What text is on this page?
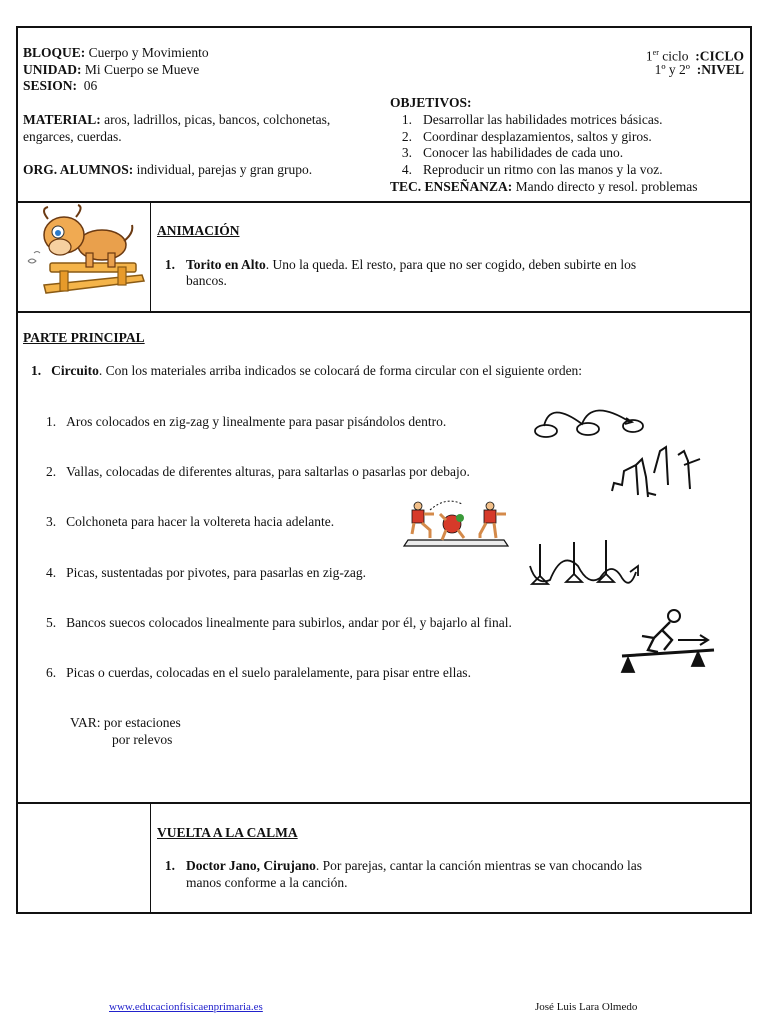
BLOQUE: Cuerpo y Movimiento
UNIDAD: Mi Cuerpo se Mueve
SESION: 06
MATERIAL: aros, ladrillos, picas, bancos, colchonetas,
engarces, cuerdas.
ORG. ALUMNOS: individual, parejas y gran grupo.
1er ciclo :CICLO
1º y 2º :NIVEL
OBJETIVOS:
1. Desarrollar las habilidades motrices básicas.
2. Coordinar desplazamientos, saltos y giros.
3. Conocer las habilidades de cada uno.
4. Reproducir un ritmo con las manos y la voz.
TEC. ENSEÑANZA: Mando directo y resol. problemas
ANIMACIÓN
1. Torito en Alto. Uno la queda. El resto, para que no ser cogido, deben subirte en los
bancos.
PARTE PRINCIPAL
1. Circuito. Con los materiales arriba indicados se colocará de forma circular con el siguiente orden:
1. Aros colocados en zig-zag y linealmente para pasar pisándolos dentro.
2. Vallas, colocadas de diferentes alturas, para saltarlas o pasarlas por debajo.
3. Colchoneta para hacer la voltereta hacia adelante.
4. Picas, sustentadas por pivotes, para pasarlas en zig-zag.
5. Bancos suecos colocados linealmente para subirlos, andar por él, y bajarlo al final.
6. Picas o cuerdas, colocadas en el suelo paralelamente, para pisar entre ellas.
VAR: por estaciones
por relevos
VUELTA A LA CALMA
1. Doctor Jano, Cirujano. Por parejas, cantar la canción mientras se van chocando las
manos conforme a la canción.
www.educacionfisicaenprimaria.es	José Luis Lara Olmedo
